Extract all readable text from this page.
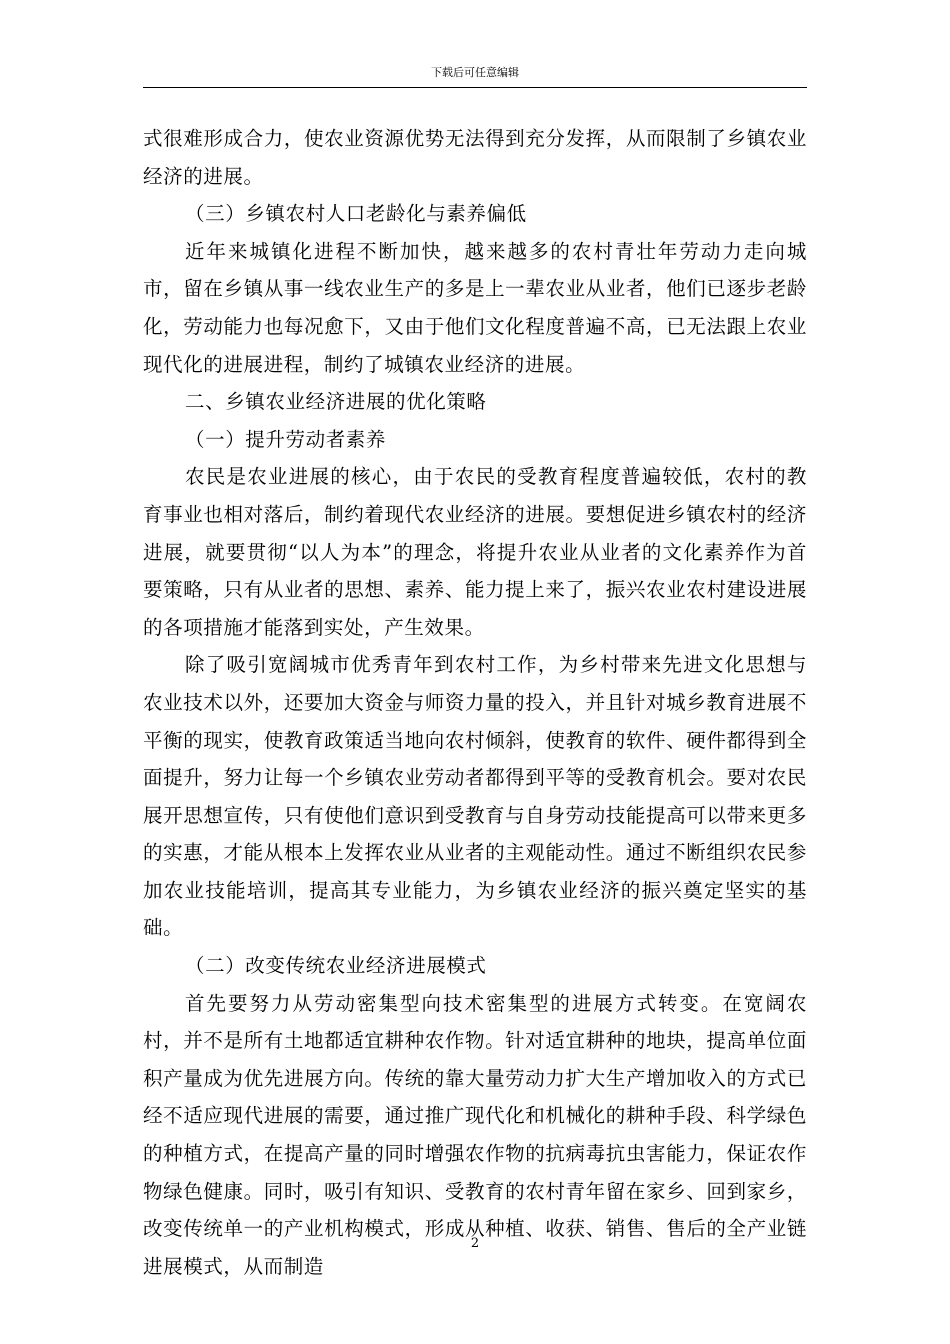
下载后可任意编辑

式很难形成合力，使农业资源优势无法得到充分发挥，从而限制了乡镇农业经济的进展。

（三）乡镇农村人口老龄化与素养偏低

近年来城镇化进程不断加快，越来越多的农村青壮年劳动力走向城市，留在乡镇从事一线农业生产的多是上一辈农业从业者，他们已逐步老龄化，劳动能力也每况愈下，又由于他们文化程度普遍不高，已无法跟上农业现代化的进展进程，制约了城镇农业经济的进展。

二、乡镇农业经济进展的优化策略

（一）提升劳动者素养

农民是农业进展的核心，由于农民的受教育程度普遍较低，农村的教育事业也相对落后，制约着现代农业经济的进展。要想促进乡镇农村的经济进展，就要贯彻“以人为本”的理念，将提升农业从业者的文化素养作为首要策略，只有从业者的思想、素养、能力提上来了，振兴农业农村建设进展的各项措施才能落到实处，产生效果。

除了吸引宽阔城市优秀青年到农村工作，为乡村带来先进文化思想与农业技术以外，还要加大资金与师资力量的投入，并且针对城乡教育进展不平衡的现实，使教育政策适当地向农村倾斜，使教育的软件、硬件都得到全面提升，努力让每一个乡镇农业劳动者都得到平等的受教育机会。要对农民展开思想宣传，只有使他们意识到受教育与自身劳动技能提高可以带来更多的实惠，才能从根本上发挥农业从业者的主观能动性。通过不断组织农民参加农业技能培训，提高其专业能力，为乡镇农业经济的振兴奠定坚实的基础。

（二）改变传统农业经济进展模式

首先要努力从劳动密集型向技术密集型的进展方式转变。在宽阔农村，并不是所有土地都适宜耕种农作物。针对适宜耕种的地块，提高单位面积产量成为优先进展方向。传统的靠大量劳动力扩大生产增加收入的方式已经不适应现代进展的需要，通过推广现代化和机械化的耕种手段、科学绿色的种植方式，在提高产量的同时增强农作物的抗病毒抗虫害能力，保证农作物绿色健康。同时，吸引有知识、受教育的农村青年留在家乡、回到家乡，改变传统单一的产业机构模式，形成从种植、收获、销售、售后的全产业链进展模式，从而制造

2
